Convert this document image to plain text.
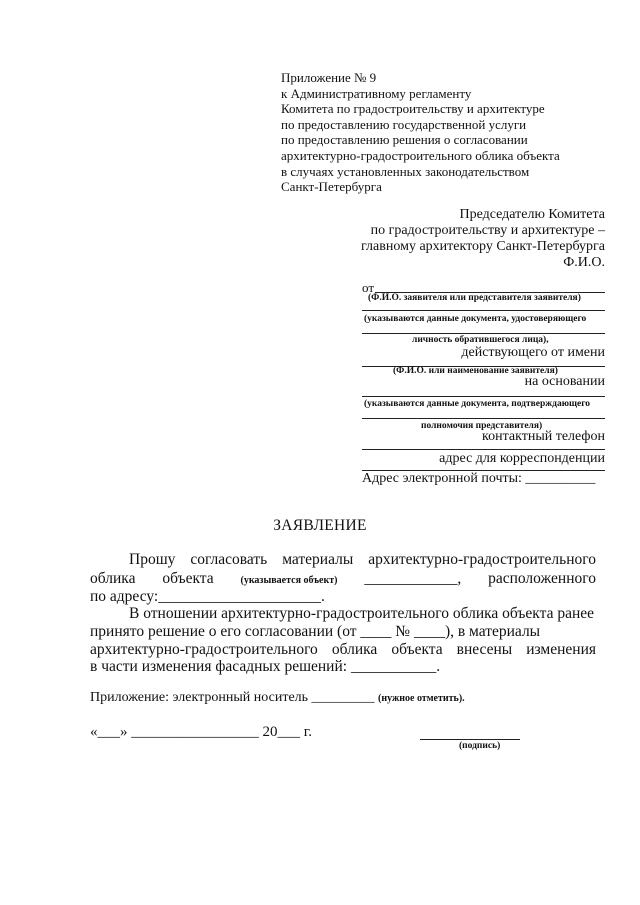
Приложение № 9
к Административному регламенту
Комитета по градостроительству и архитектуре
по предоставлению государственной услуги
по предоставлению решения о согласовании
архитектурно-градостроительного облика объекта
в случаях установленных законодательством
Санкт-Петербурга
Председателю Комитета
по градостроительству и архитектуре –
главному архитектору Санкт-Петербурга
Ф.И.О.
от
(Ф.И.О. заявителя или представителя заявителя)
(указываются данные документа, удостоверяющего
личность обратившегося лица),
действующего от имени
(Ф.И.О. или наименование заявителя)
на основании
(указываются данные документа, подтверждающего
полномочия представителя)
контактный телефон
адрес для корреспонденции
Адрес электронной почты: __________
ЗАЯВЛЕНИЕ
Прошу согласовать материалы архитектурно-градостроительного
облика объекта	(указывается объект) ____________, расположенного
по адресу:_____________________.
В отношении архитектурно-градостроительного облика объекта ранее
принято решение о его согласовании (от ____ № ____), в материалы
архитектурно-градостроительного облика объекта внесены изменения
в части изменения фасадных решений: ___________.
Приложение: электронный носитель _________ (нужное отметить).
«___» _________________ 20___ г.
(подпись)
